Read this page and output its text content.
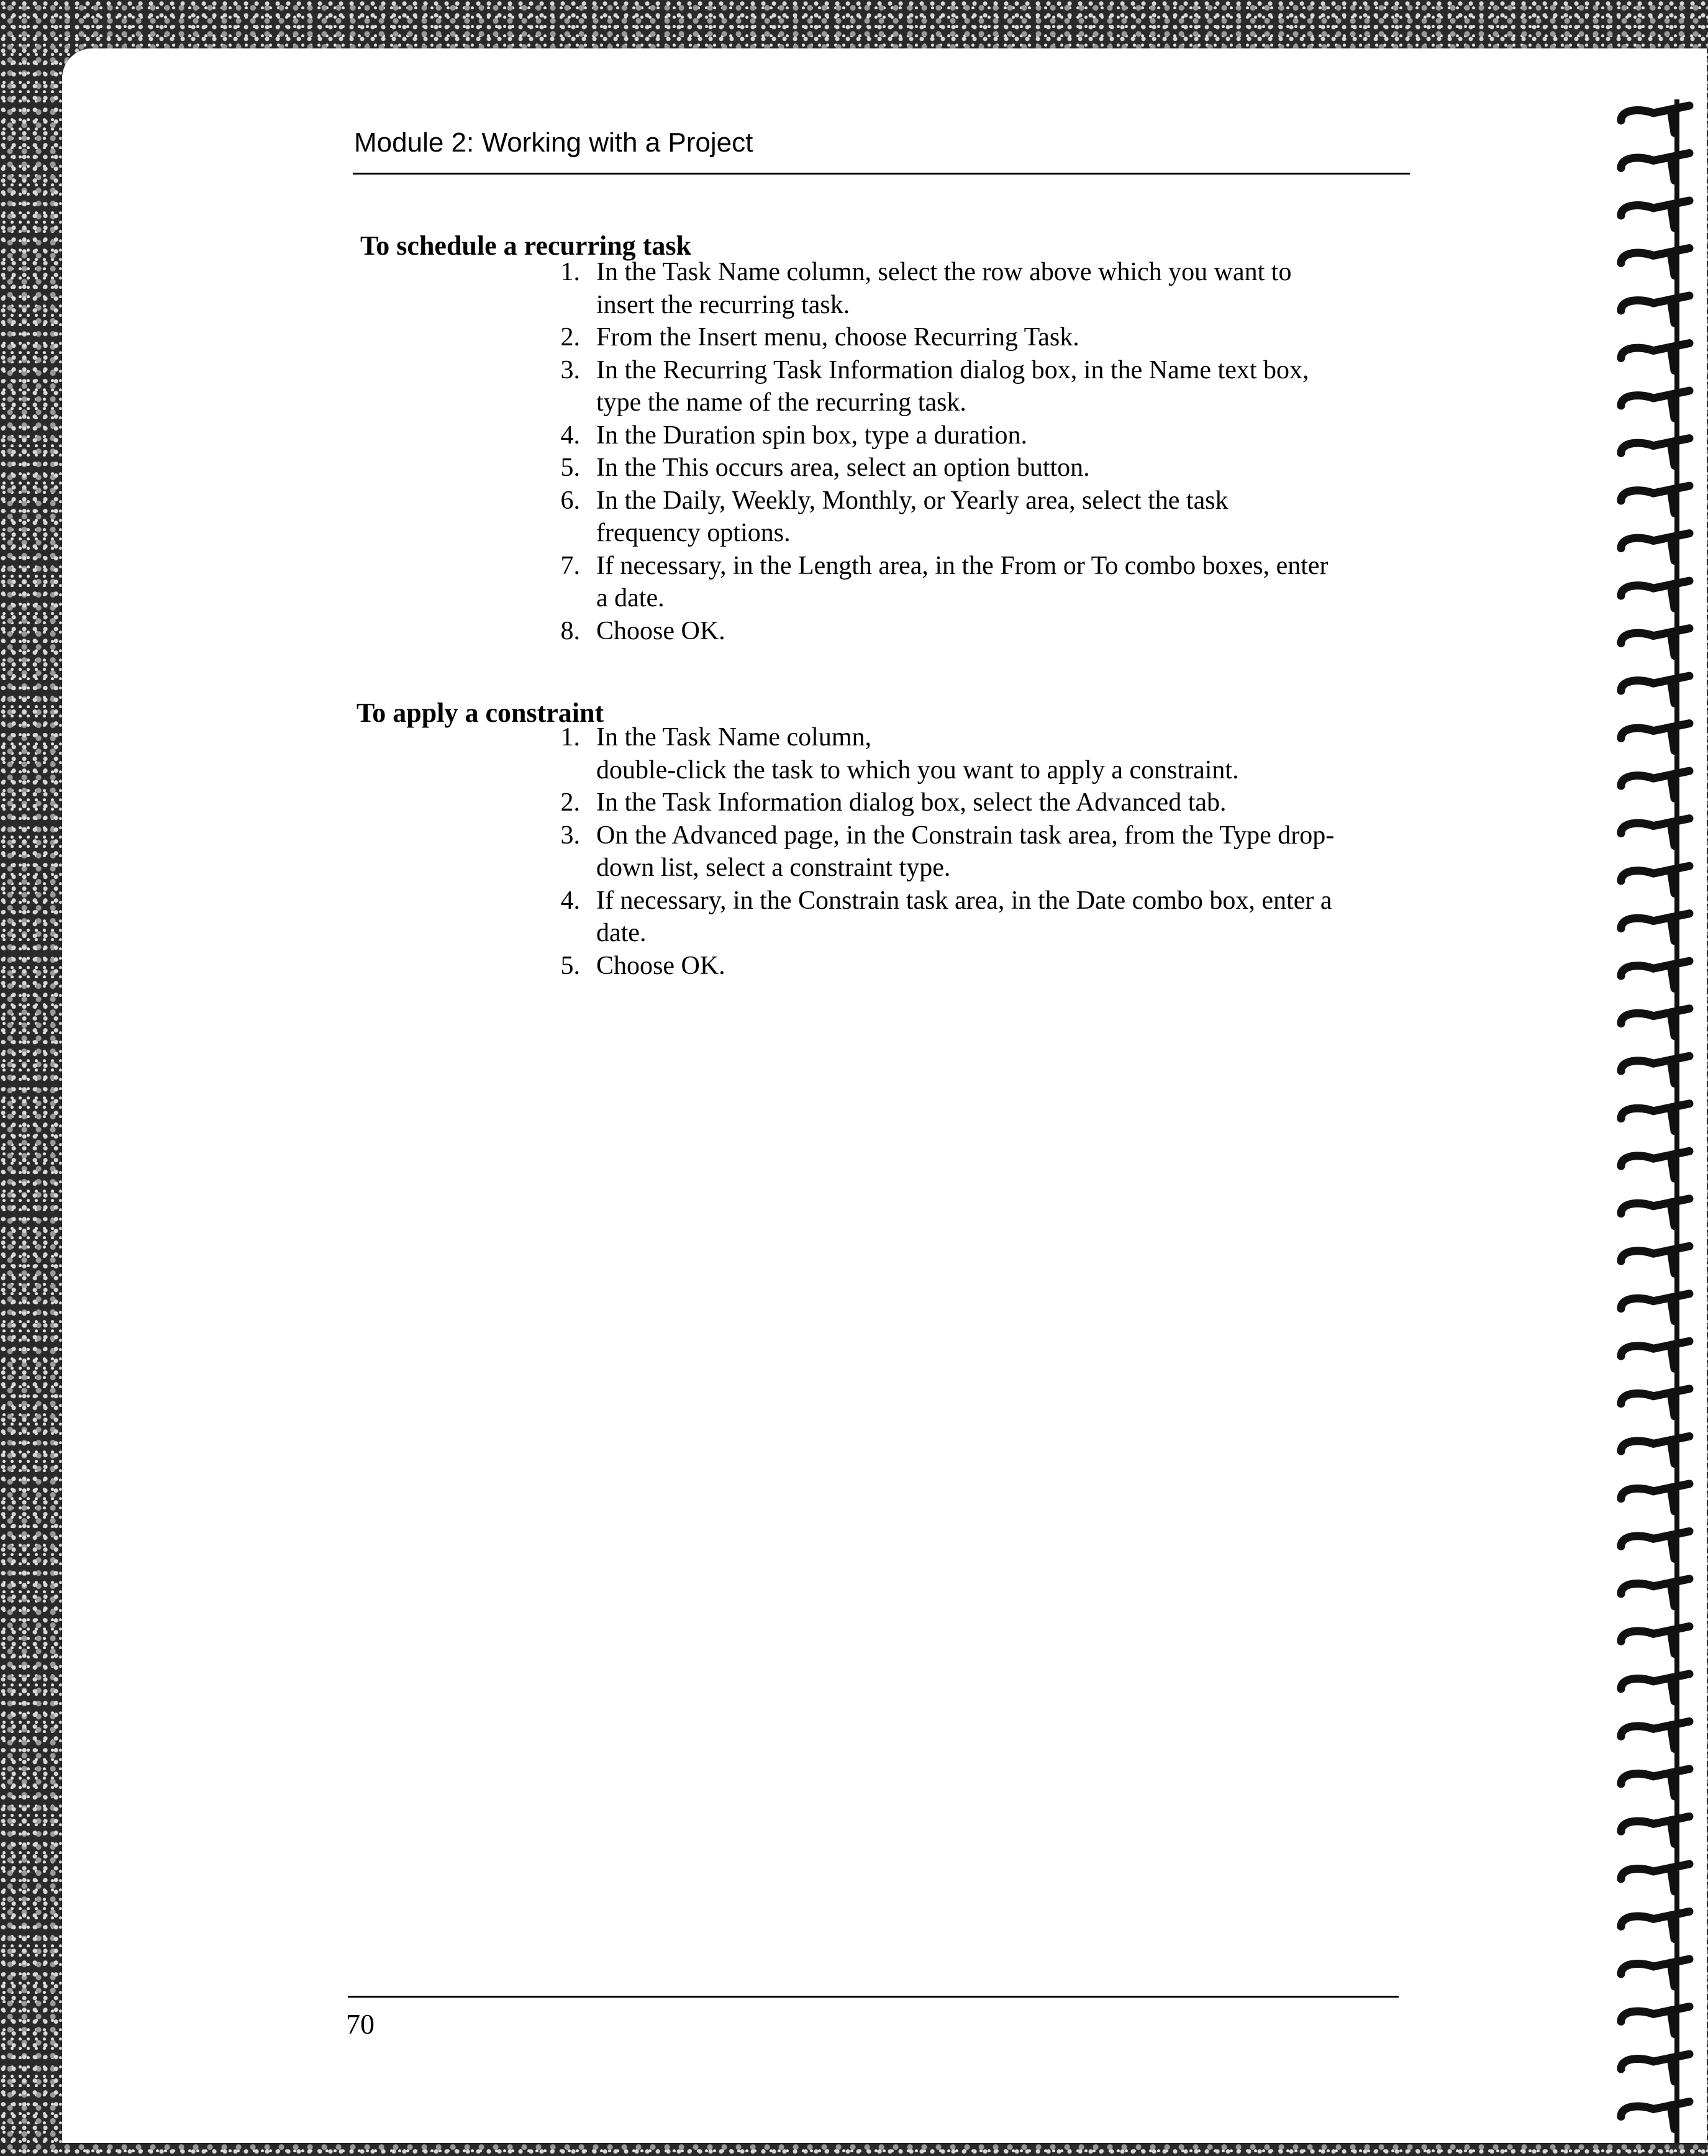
Module 2: Working with a Project
To schedule a recurring task
1. In the Task Name column, select the row above which you want to
insert the recurring task.
2. From the Insert menu, choose Recurring Task.
3. In the Recurring Task Information dialog box, in the Name text box,
type the name of the recurring task.
4. In the Duration spin box, type a duration.
5. In the This occurs area, select an option button.
6. In the Daily, Weekly, Monthly, or Yearly area, select the task
frequency options.
7. If necessary, in the Length area, in the From or To combo boxes, enter
a date.
8. Choose OK.
To apply a constraint
1. In the Task Name column,
double-click the task to which you want to apply a constraint.
2. In the Task Information dialog box, select the Advanced tab.
3. On the Advanced page, in the Constrain task area, from the Type drop-
down list, select a constraint type.
4. If necessary, in the Constrain task area, in the Date combo box, enter a
date.
5. Choose OK.
70
